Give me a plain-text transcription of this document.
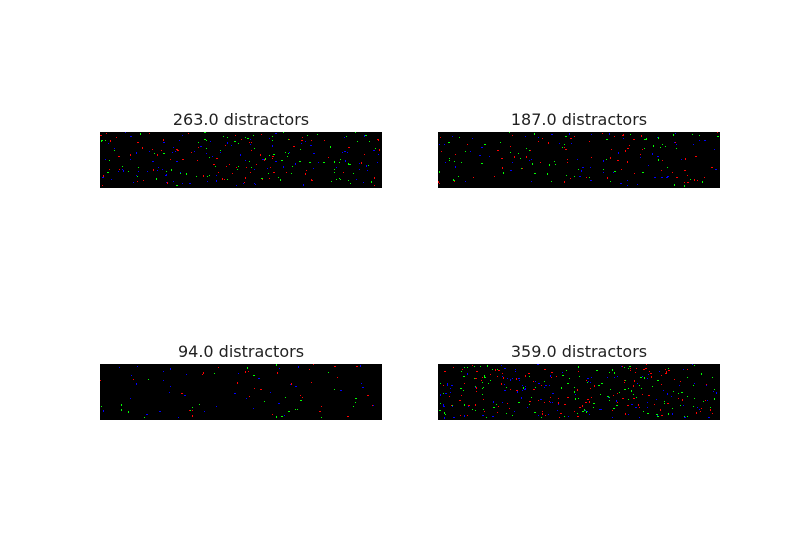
263.0 distractors	187.0 distractors
94.0 distractors	359.0 distractors
